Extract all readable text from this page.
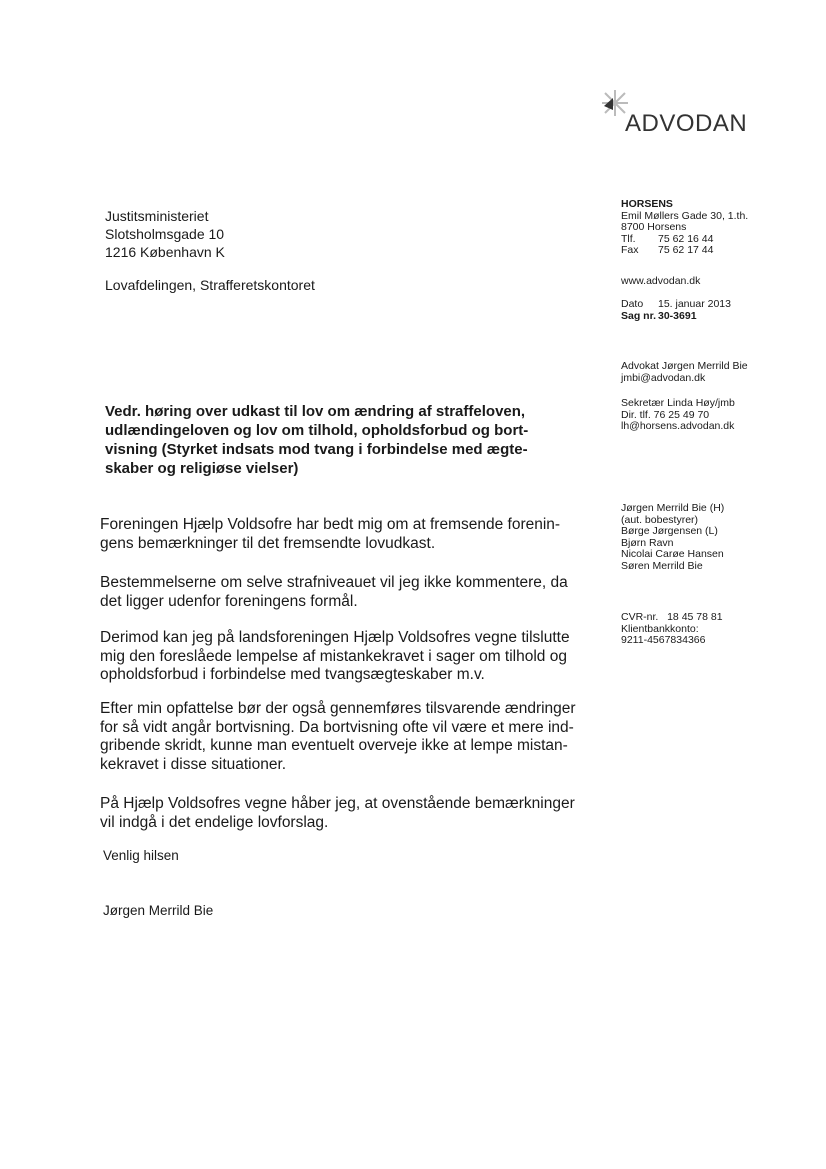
ADVODAN
Justitsministeriet
Slotsholmsgade 10
1216 København K
Lovafdelingen, Strafferetskontoret
HORSENS
Emil Møllers Gade 30, 1.th.
8700 Horsens
Tlf. 75 62 16 44
Fax 75 62 17 44
www.advodan.dk
Dato 15. januar 2013
Sag nr. 30-3691
Advokat Jørgen Merrild Bie
jmbi@advodan.dk
Sekretær Linda Høy/jmb
Dir. tlf. 76 25 49 70
lh@horsens.advodan.dk
Jørgen Merrild Bie (H)
(aut. bobestyrer)
Børge Jørgensen (L)
Bjørn Ravn
Nicolai Carøe Hansen
Søren Merrild Bie
CVR-nr.   18 45 78 81
Klientbankkonto:
9211-4567834366
Vedr. høring over udkast til lov om ændring af straffeloven,
udlændingeloven og lov om tilhold, opholdsforbud og bort-
visning (Styrket indsats mod tvang i forbindelse med ægte-
skaber og religiøse vielser)

Foreningen Hjælp Voldsofre har bedt mig om at fremsende forenin-

gens bemærkninger til det fremsendte lovudkast.

Bestemmelserne om selve strafniveauet vil jeg ikke kommentere, da

det ligger udenfor foreningens formål.

Derimod kan jeg på landsforeningen Hjælp Voldsofres vegne tilslutte

mig den foreslåede lempelse af mistankekravet i sager om tilhold og

opholdsforbud i forbindelse med tvangsægteskaber m.v.

Efter min opfattelse bør der også gennemføres tilsvarende ændringer

for så vidt angår bortvisning. Da bortvisning ofte vil være et mere ind-

gribende skridt, kunne man eventuelt overveje ikke at lempe mistan-

kekravet i disse situationer.

På Hjælp Voldsofres vegne håber jeg, at ovenstående bemærkninger

vil indgå i det endelige lovforslag.

Venlig hilsen
Jørgen Merrild Bie
